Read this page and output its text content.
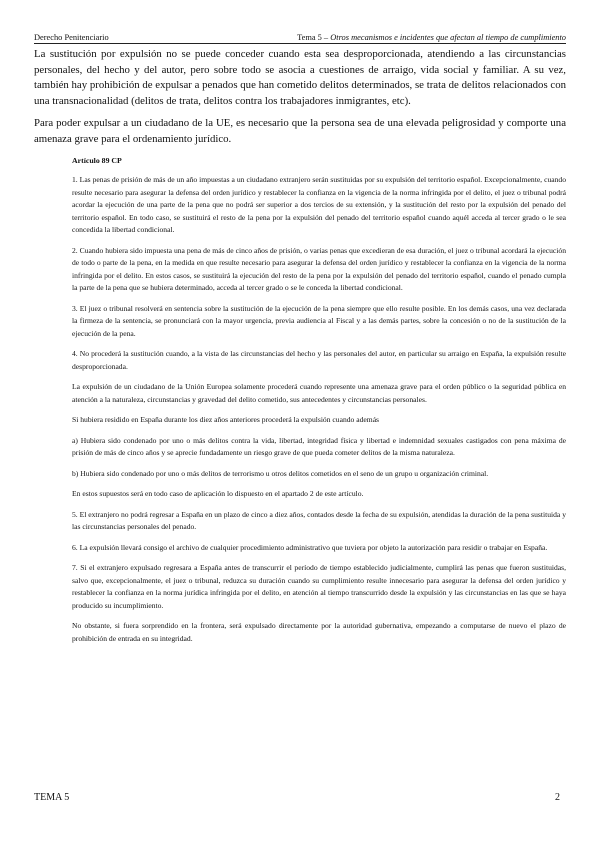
Derecho Penitenciario	Tema 5 – Otros mecanismos e incidentes que afectan al tiempo de cumplimiento

La sustitución por expulsión no se puede conceder cuando esta sea desproporcionada, atendiendo a las circunstancias personales, del hecho y del autor, pero sobre todo se asocia a cuestiones de arraigo, vida social y familiar. A su vez, también hay prohibición de expulsar a penados que han cometido delitos determinados, se trata de delitos relacionados con una transnacionalidad (delitos de trata, delitos contra los trabajadores inmigrantes, etc).

Para poder expulsar a un ciudadano de la UE, es necesario que la persona sea de una elevada peligrosidad y comporte una amenaza grave para el ordenamiento jurídico.

Artículo 89 CP

1. Las penas de prisión de más de un año impuestas a un ciudadano extranjero serán sustituidas por su expulsión del territorio español. Excepcionalmente, cuando resulte necesario para asegurar la defensa del orden jurídico y restablecer la confianza en la vigencia de la norma infringida por el delito, el juez o tribunal podrá acordar la ejecución de una parte de la pena que no podrá ser superior a dos tercios de su extensión, y la sustitución del resto por la expulsión del penado del territorio español. En todo caso, se sustituirá el resto de la pena por la expulsión del penado del territorio español cuando aquél acceda al tercer grado o le sea concedida la libertad condicional.

2. Cuando hubiera sido impuesta una pena de más de cinco años de prisión, o varias penas que excedieran de esa duración, el juez o tribunal acordará la ejecución de todo o parte de la pena, en la medida en que resulte necesario para asegurar la defensa del orden jurídico y restablecer la confianza en la vigencia de la norma infringida por el delito. En estos casos, se sustituirá la ejecución del resto de la pena por la expulsión del penado del territorio español, cuando el penado cumpla la parte de la pena que se hubiera determinado, acceda al tercer grado o se le conceda la libertad condicional.

3. El juez o tribunal resolverá en sentencia sobre la sustitución de la ejecución de la pena siempre que ello resulte posible. En los demás casos, una vez declarada la firmeza de la sentencia, se pronunciará con la mayor urgencia, previa audiencia al Fiscal y a las demás partes, sobre la concesión o no de la sustitución de la ejecución de la pena.

4. No procederá la sustitución cuando, a la vista de las circunstancias del hecho y las personales del autor, en particular su arraigo en España, la expulsión resulte desproporcionada.

La expulsión de un ciudadano de la Unión Europea solamente procederá cuando represente una amenaza grave para el orden público o la seguridad pública en atención a la naturaleza, circunstancias y gravedad del delito cometido, sus antecedentes y circunstancias personales.

Si hubiera residido en España durante los diez años anteriores procederá la expulsión cuando además

a) Hubiera sido condenado por uno o más delitos contra la vida, libertad, integridad física y libertad e indemnidad sexuales castigados con pena máxima de prisión de más de cinco años y se aprecie fundadamente un riesgo grave de que pueda cometer delitos de la misma naturaleza.

b) Hubiera sido condenado por uno o más delitos de terrorismo u otros delitos cometidos en el seno de un grupo u organización criminal.

En estos supuestos será en todo caso de aplicación lo dispuesto en el apartado 2 de este artículo.

5. El extranjero no podrá regresar a España en un plazo de cinco a diez años, contados desde la fecha de su expulsión, atendidas la duración de la pena sustituida y las circunstancias personales del penado.

6. La expulsión llevará consigo el archivo de cualquier procedimiento administrativo que tuviera por objeto la autorización para residir o trabajar en España.

7. Si el extranjero expulsado regresara a España antes de transcurrir el período de tiempo establecido judicialmente, cumplirá las penas que fueron sustituidas, salvo que, excepcionalmente, el juez o tribunal, reduzca su duración cuando su cumplimiento resulte innecesario para asegurar la defensa del orden jurídico y restablecer la confianza en la norma jurídica infringida por el delito, en atención al tiempo transcurrido desde la expulsión y las circunstancias en las que se haya producido su incumplimiento.

No obstante, si fuera sorprendido en la frontera, será expulsado directamente por la autoridad gubernativa, empezando a computarse de nuevo el plazo de prohibición de entrada en su integridad.

TEMA 5	2
